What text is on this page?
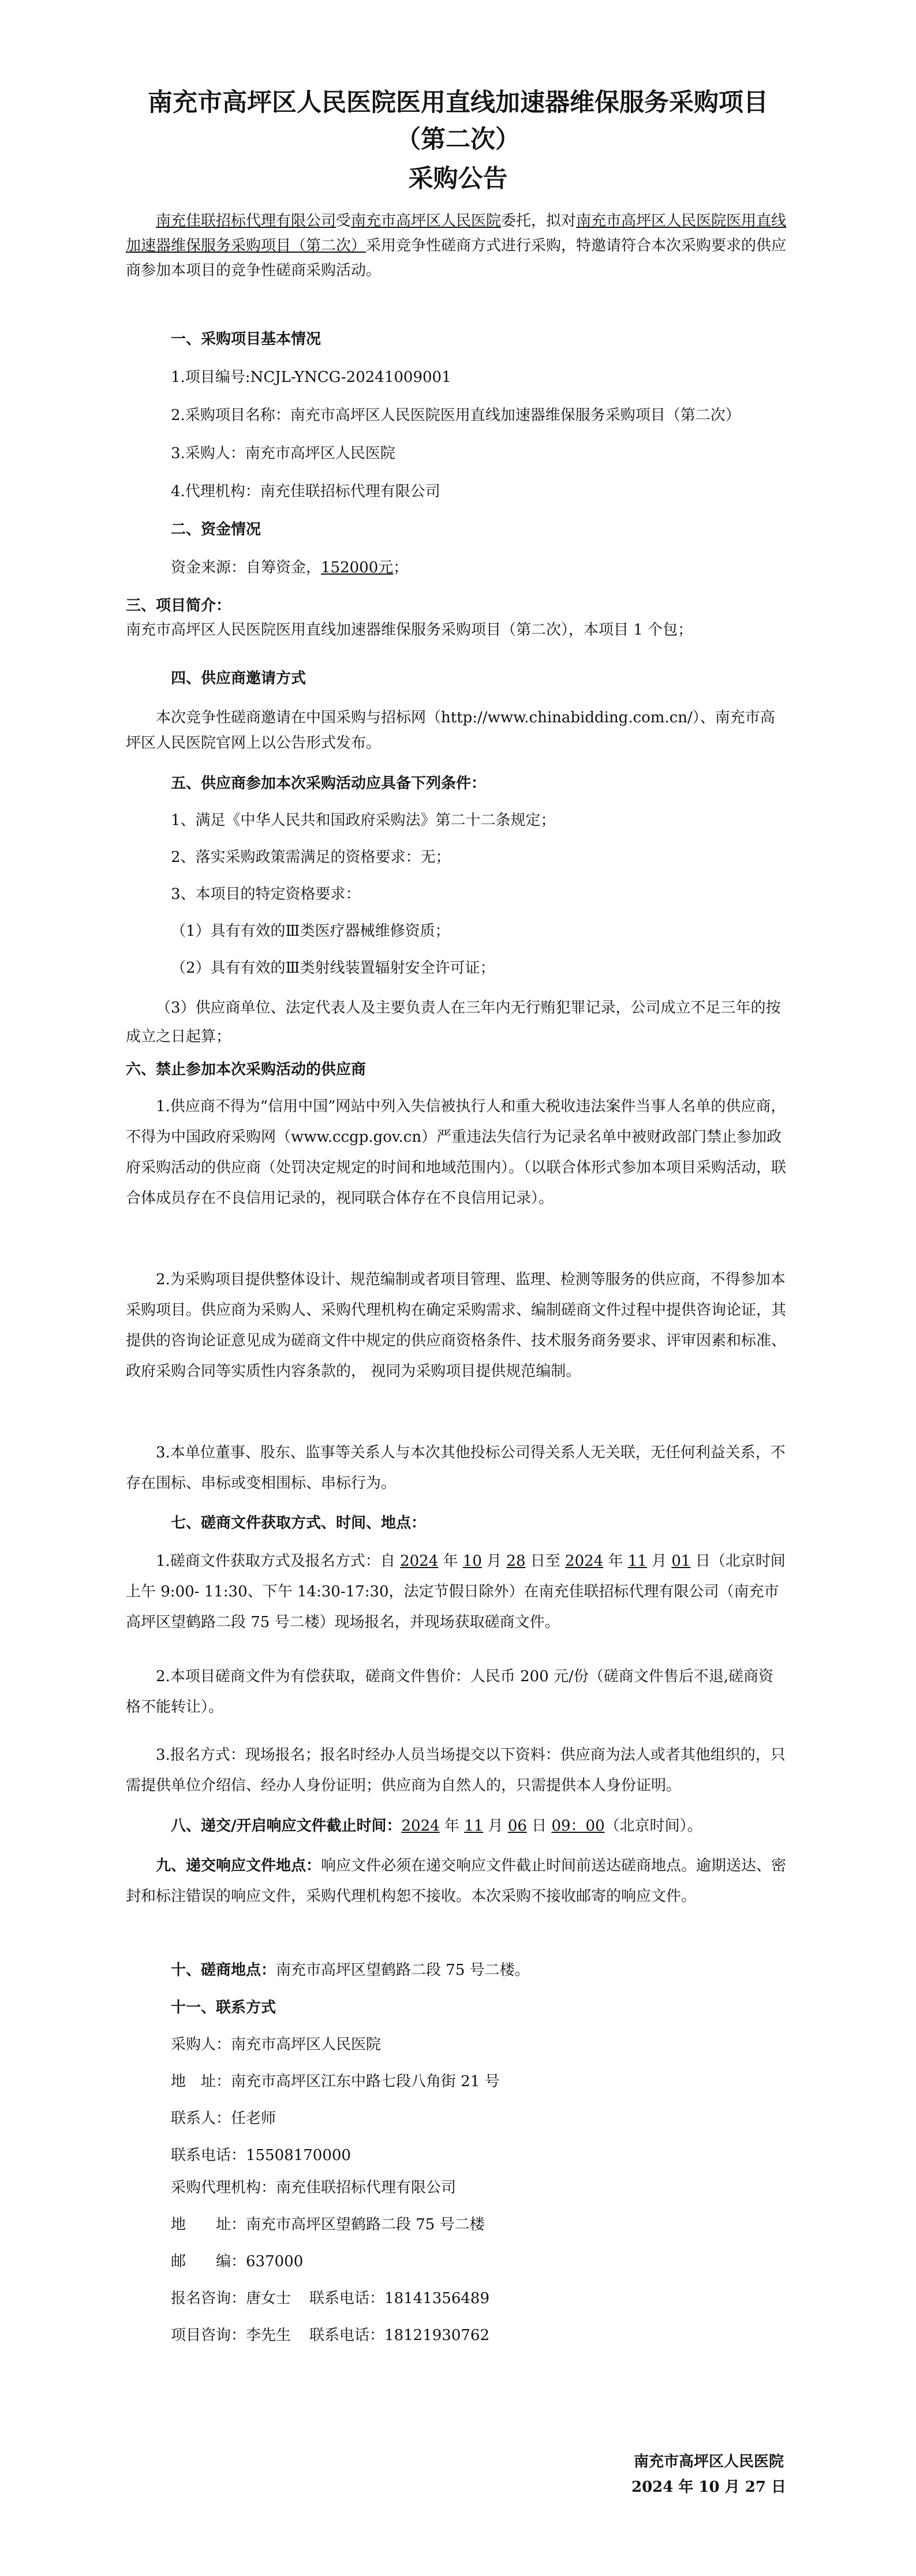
南充市高坪区人民医院医用直线加速器维保服务采购项目
（第二次）
采购公告

南充佳联招标代理有限公司受南充市高坪区人民医院委托，拟对南充市高坪区人民医院医用直线加速器维保服务采购项目（第二次）采用竞争性磋商方式进行采购，特邀请符合本次采购要求的供应商参加本项目的竞争性磋商采购活动。

一、采购项目基本情况
1.项目编号:NCJL-YNCG-20241009001
2.采购项目名称：南充市高坪区人民医院医用直线加速器维保服务采购项目（第二次）
3.采购人：南充市高坪区人民医院
4.代理机构：南充佳联招标代理有限公司
二、资金情况
资金来源：自筹资金，152000元；
三、项目简介：
南充市高坪区人民医院医用直线加速器维保服务采购项目（第二次），本项目 1 个包；
四、供应商邀请方式

本次竞争性磋商邀请在中国采购与招标网（http://www.chinabidding.com.cn/）、南充市高坪区人民医院官网上以公告形式发布。

五、供应商参加本次采购活动应具备下列条件：
1、满足《中华人民共和国政府采购法》第二十二条规定；
2、落实采购政策需满足的资格要求：无；
3、本项目的特定资格要求：
（1）具有有效的Ⅲ类医疗器械维修资质；
（2）具有有效的Ⅲ类射线装置辐射安全许可证；

（3）供应商单位、法定代表人及主要负责人在三年内无行贿犯罪记录，公司成立不足三年的按成立之日起算；

六、禁止参加本次采购活动的供应商

1.供应商不得为“信用中国”网站中列入失信被执行人和重大税收违法案件当事人名单的供应商，不得为中国政府采购网（www.ccgp.gov.cn）严重违法失信行为记录名单中被财政部门禁止参加政府采购活动的供应商（处罚决定规定的时间和地域范围内）。（以联合体形式参加本项目采购活动，联合体成员存在不良信用记录的，视同联合体存在不良信用记录）。

2.为采购项目提供整体设计、规范编制或者项目管理、监理、检测等服务的供应商，不得参加本采购项目。供应商为采购人、采购代理机构在确定采购需求、编制磋商文件过程中提供咨询论证，其提供的咨询论证意见成为磋商文件中规定的供应商资格条件、技术服务商务要求、评审因素和标准、政府采购合同等实质性内容条款的， 视同为采购项目提供规范编制。

3.本单位董事、股东、监事等关系人与本次其他投标公司得关系人无关联，无任何利益关系，不存在围标、串标或变相围标、串标行为。

七、磋商文件获取方式、时间、地点：

1.磋商文件获取方式及报名方式：自 2024 年 10 月 28 日至 2024 年 11 月 01 日（北京时间上午 9:00- 11:30、下午 14:30-17:30，法定节假日除外）在南充佳联招标代理有限公司（南充市高坪区望鹤路二段 75 号二楼）现场报名，并现场获取磋商文件。

2.本项目磋商文件为有偿获取，磋商文件售价：人民币 200 元/份（磋商文件售后不退,磋商资格不能转让）。

3.报名方式：现场报名；报名时经办人员当场提交以下资料：供应商为法人或者其他组织的，只需提供单位介绍信、经办人身份证明；供应商为自然人的，只需提供本人身份证明。

八、递交/开启响应文件截止时间：2024 年 11 月 06 日 09：00（北京时间）。

九、递交响应文件地点：响应文件必须在递交响应文件截止时间前送达磋商地点。逾期送达、密封和标注错误的响应文件，采购代理机构恕不接收。本次采购不接收邮寄的响应文件。

十、磋商地点：南充市高坪区望鹤路二段 75 号二楼。
十一、联系方式
采购人：南充市高坪区人民医院
地　址：南充市高坪区江东中路七段八角街 21 号
联系人：任老师
联系电话：15508170000
采购代理机构：南充佳联招标代理有限公司
地　　址：南充市高坪区望鹤路二段 75 号二楼
邮　　编：637000
报名咨询：唐女士 联系电话：18141356489
项目咨询：李先生 联系电话：18121930762
南充市高坪区人民医院
2024 年 10 月 27 日
